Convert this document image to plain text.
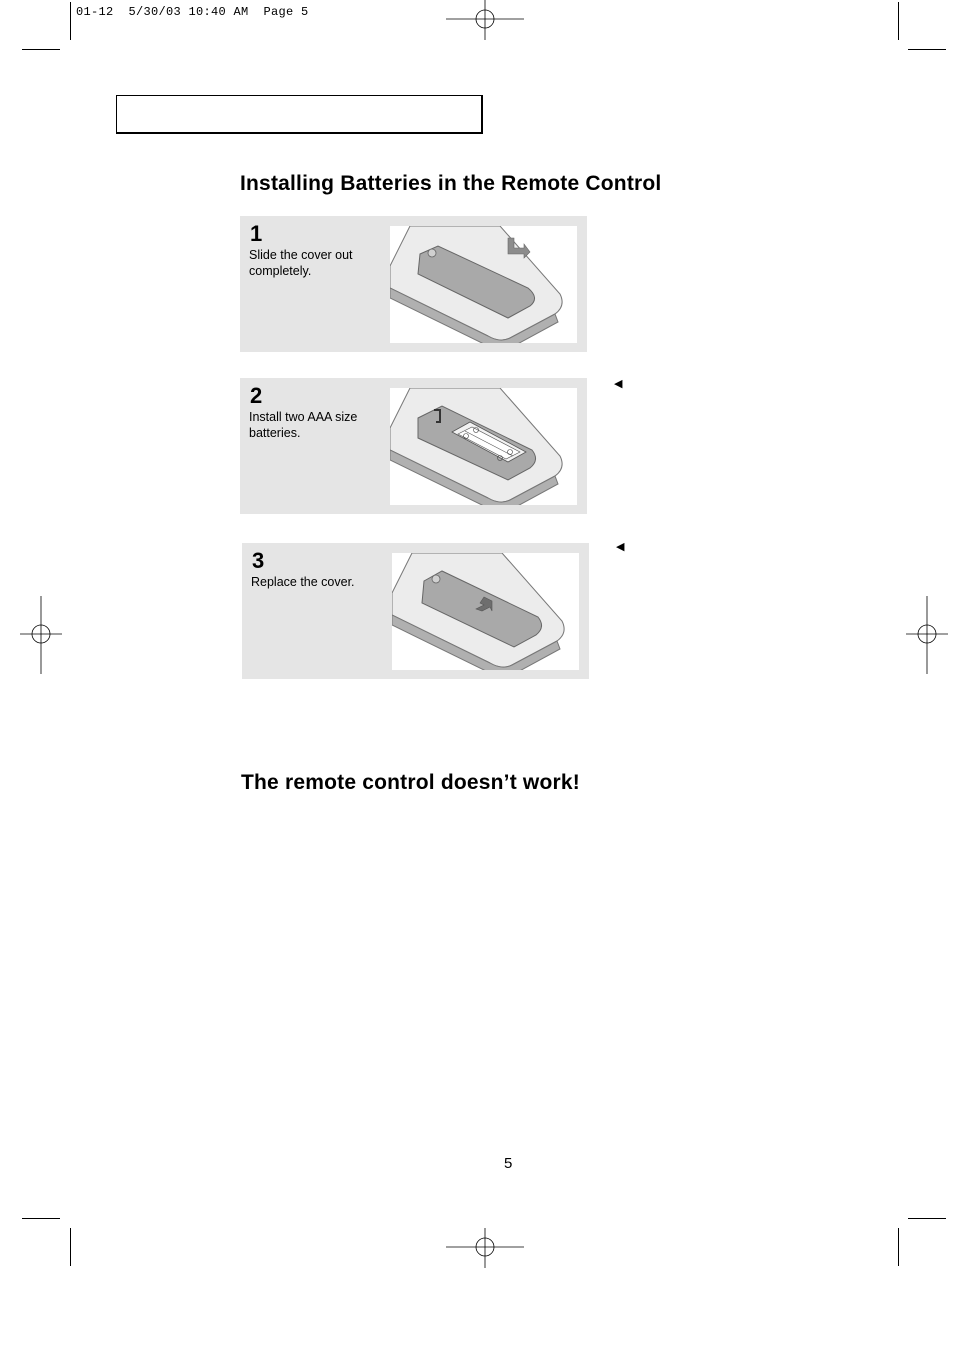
01-12  5/30/03 10:40 AM  Page 5
Installing Batteries in the Remote Control
1
Slide the cover out completely.
2
Install two AAA size batteries.
◀
3
Replace the cover.
◀
The remote control doesn’t work!
5
